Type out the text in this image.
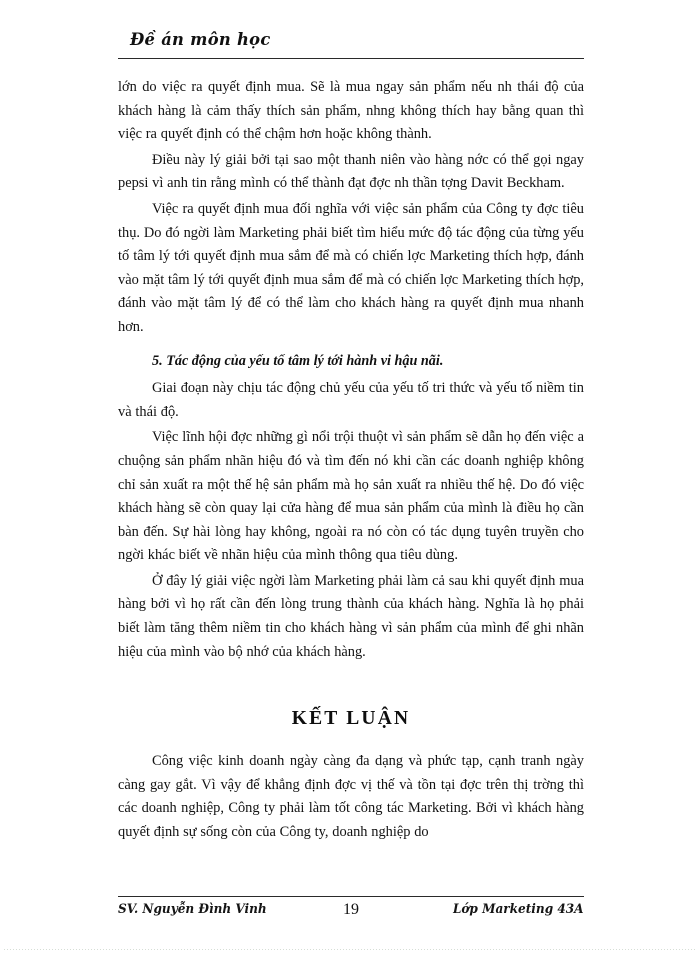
Đề án môn học

lớn do việc ra quyết định mua. Sẽ là mua ngay sản phẩm nếu nh thái độ của khách hàng là cảm thấy thích sản phẩm, nhng không thích hay bằng quan thì việc ra quyết định có thể chậm hơn hoặc không thành.

Điều này lý giải bởi tại sao một thanh niên vào hàng nớc có thể gọi ngay pepsi vì anh tin rằng mình có thể thành đạt đợc nh thần tợng Davit Beckham.

Việc ra quyết định mua đối nghĩa với việc sản phẩm của Công ty đợc tiêu thụ. Do đó ngời làm Marketing phải biết tìm hiểu mức độ tác động của từng yếu tố tâm lý tới quyết định mua sắm để mà có chiến lợc Marketing thích hợp, đánh vào mặt tâm lý tới quyết định mua sắm để mà có chiến lợc Marketing thích hợp, đánh vào mặt tâm lý để có thể làm cho khách hàng ra quyết định mua nhanh hơn.

5. Tác động của yếu tố tâm lý tới hành vi hậu nãi.

Giai đoạn này chịu tác động chủ yếu của yếu tố tri thức và yếu tố niềm tin và thái độ.

Việc lĩnh hội đợc những gì nổi trội thuột vì sản phẩm sẽ dẫn họ đến việc a chuộng sản phẩm nhãn hiệu đó và tìm đến nó khi cần các doanh nghiệp không chỉ sản xuất ra một thế hệ sản phẩm mà họ sản xuất ra nhiều thế hệ. Do đó việc khách hàng sẽ còn quay lại cửa hàng để mua sản phẩm của mình là điều họ cần bàn đến. Sự hài lòng hay không, ngoài ra nó còn có tác dụng tuyên truyền cho ngời khác biết về nhãn hiệu của mình thông qua tiêu dùng.

Ở đây lý giải việc ngời làm Marketing phải làm cả sau khi quyết định mua hàng bởi vì họ rất cần đến lòng trung thành của khách hàng. Nghĩa là họ phải biết làm tăng thêm niềm tin cho khách hàng vì sản phẩm của mình để ghi nhãn hiệu của mình vào bộ nhớ của khách hàng.

KẾT LUẬN

Công việc kinh doanh ngày càng đa dạng và phức tạp, cạnh tranh ngày càng gay gắt. Vì vậy để khẳng định đợc vị thế và tồn tại đợc trên thị trờng thì các doanh nghiệp, Công ty phải làm tốt công tác Marketing. Bởi vì khách hàng quyết định sự sống còn của Công ty, doanh nghiệp do

SV. Nguyễn Đình Vinh	19	Lớp Marketing 43A
